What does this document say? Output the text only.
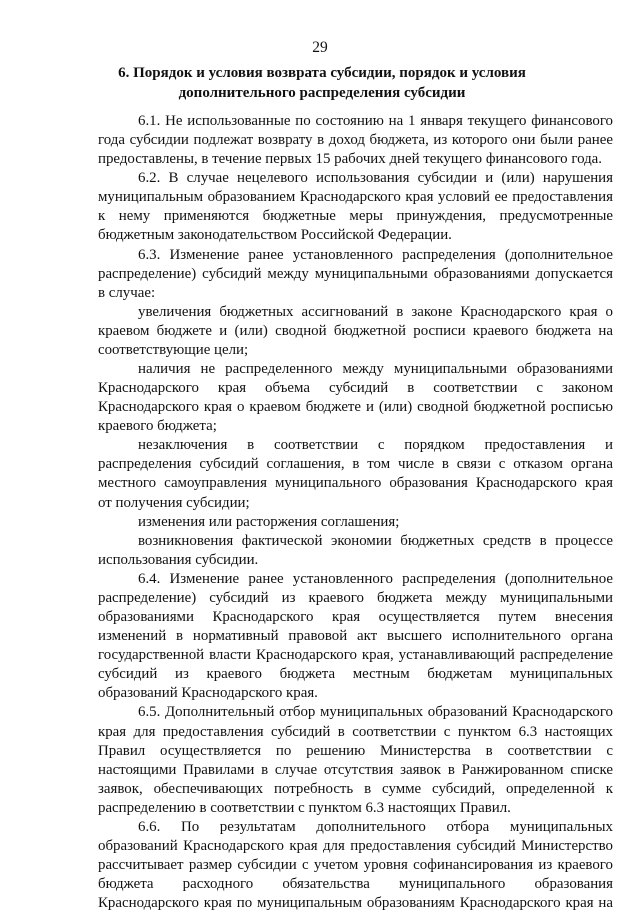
29
6. Порядок и условия возврата субсидии, порядок и условия
дополнительного распределения субсидии
6.1. Не использованные по состоянию на 1 января текущего финансового
года субсидии подлежат возврату в доход бюджета, из которого они были ранее
предоставлены, в течение первых 15 рабочих дней текущего финансового года.
6.2. В случае нецелевого использования субсидии и (или) нарушения
муниципальным образованием Краснодарского края условий ее предоставления
к нему применяются бюджетные меры принуждения, предусмотренные
бюджетным законодательством Российской Федерации.
6.3. Изменение ранее установленного распределения (дополнительное
распределение) субсидий между муниципальными образованиями допускается
в случае:
увеличения бюджетных ассигнований в законе Краснодарского края о
краевом бюджете и (или) сводной бюджетной росписи краевого бюджета на
соответствующие цели;
наличия не распределенного между муниципальными образованиями
Краснодарского края объема субсидий в соответствии с законом
Краснодарского края о краевом бюджете и (или) сводной бюджетной росписью
краевого бюджета;
незаключения в соответствии с порядком предоставления и
распределения субсидий соглашения, в том числе в связи с отказом органа
местного самоуправления муниципального образования Краснодарского края
от получения субсидии;
изменения или расторжения соглашения;
возникновения фактической экономии бюджетных средств в процессе
использования субсидии.
6.4. Изменение ранее установленного распределения (дополнительное
распределение) субсидий из краевого бюджета между муниципальными
образованиями Краснодарского края осуществляется путем внесения
изменений в нормативный правовой акт высшего исполнительного органа
государственной власти Краснодарского края, устанавливающий распределение
субсидий из краевого бюджета местным бюджетам муниципальных
образований Краснодарского края.
6.5. Дополнительный отбор муниципальных образований Краснодарского
края для предоставления субсидий в соответствии с пунктом 6.3 настоящих
Правил осуществляется по решению Министерства в соответствии с
настоящими Правилами в случае отсутствия заявок в Ранжированном списке
заявок, обеспечивающих потребность в сумме субсидий, определенной к
распределению в соответствии с пунктом 6.3 настоящих Правил.
6.6. По результатам дополнительного отбора муниципальных
образований Краснодарского края для предоставления субсидий Министерство
рассчитывает размер субсидии с учетом уровня софинансирования из краевого
бюджета расходного обязательства муниципального образования
Краснодарского края по муниципальным образованиям Краснодарского края на
